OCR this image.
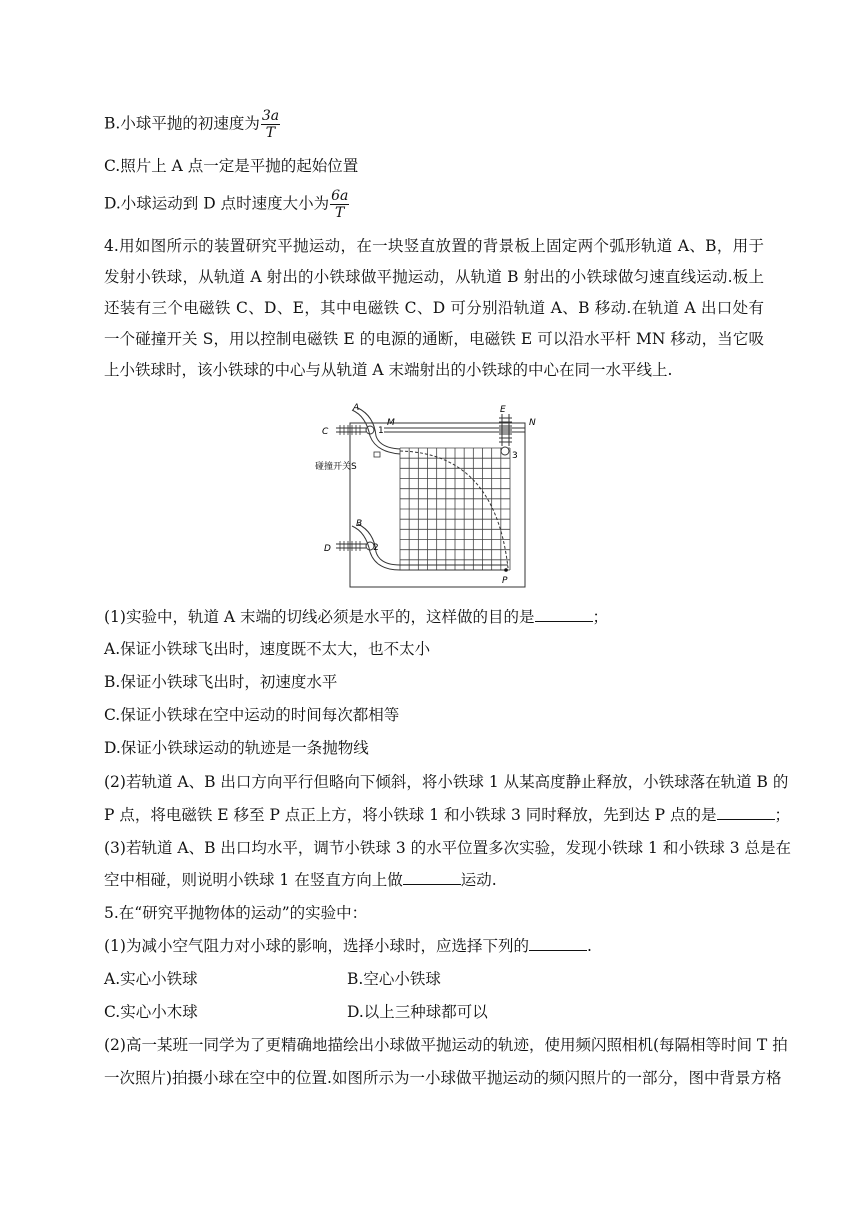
B.小球平抛的初速度为 $\frac{3a}{T}$
C.照片上 A 点一定是平抛的起始位置
D.小球运动到 D 点时速度大小为 $\frac{6a}{T}$
4.用如图所示的装置研究平抛运动，在一块竖直放置的背景板上固定两个弧形轨道 A、B，用于发射小铁球，从轨道 A 射出的小铁球做平抛运动，从轨道 B 射出的小铁球做匀速直线运动.板上还装有三个电磁铁 C、D、E，其中电磁铁 C、D 可分别沿轨道 A、B 移动.在轨道 A 出口处有一个碰撞开关 S，用以控制电磁铁 E 的电源的通断，电磁铁 E 可以沿水平杆 MN 移动，当它吸上小铁球时，该小铁球的中心与从轨道 A 末端射出的小铁球的中心在同一水平线上.
A
C	1
M
E
N
3
碰撞开关S
B
D	2
P
(1)实验中，轨道 A 末端的切线必须是水平的，这样做的目的是	；
A.保证小铁球飞出时，速度既不太大，也不太小
B.保证小铁球飞出时，初速度水平
C.保证小铁球在空中运动的时间每次都相等
D.保证小铁球运动的轨迹是一条抛物线
(2)若轨道 A、B 出口方向平行但略向下倾斜，将小铁球 1 从某高度静止释放，小铁球落在轨道 B 的
P 点，将电磁铁 E 移至 P 点正上方，将小铁球 1 和小铁球 3 同时释放，先到达 P 点的是	；
(3)若轨道 A、B 出口均水平，调节小铁球 3 的水平位置多次实验，发现小铁球 1 和小铁球 3 总是在
空中相碰，则说明小铁球 1 在竖直方向上做	运动.
5.在“研究平抛物体的运动”的实验中：
(1)为减小空气阻力对小球的影响，选择小球时，应选择下列的	.
A.实心小铁球	B.空心小铁球
C.实心小木球	D.以上三种球都可以
(2)高一某班一同学为了更精确地描绘出小球做平抛运动的轨迹，使用频闪照相机(每隔相等时间 T 拍
一次照片)拍摄小球在空中的位置.如图所示为一小球做平抛运动的频闪照片的一部分，图中背景方格
